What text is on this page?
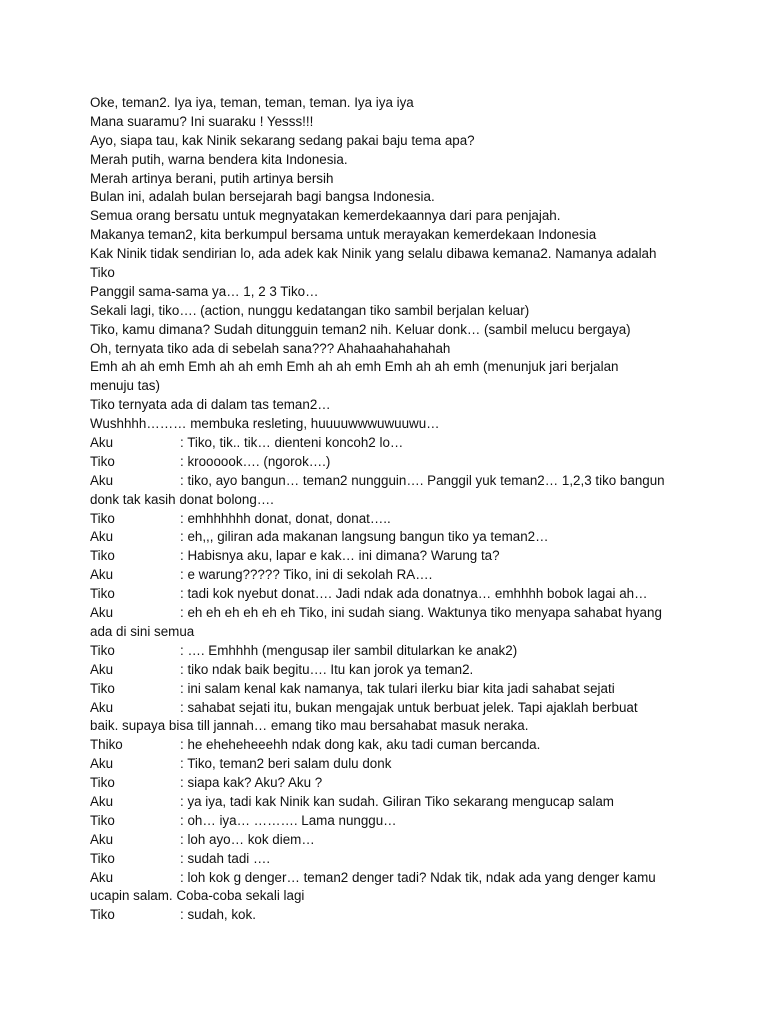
Oke, teman2. Iya iya, teman, teman, teman. Iya iya iya
Mana suaramu? Ini suaraku ! Yesss!!!
Ayo, siapa tau, kak Ninik sekarang sedang pakai baju tema apa?
Merah putih, warna bendera kita Indonesia.
Merah artinya berani, putih artinya bersih
Bulan ini, adalah bulan bersejarah bagi bangsa Indonesia.
Semua orang bersatu untuk megnyatakan kemerdekaannya dari para penjajah.
Makanya teman2, kita berkumpul bersama untuk merayakan kemerdekaan Indonesia
Kak Ninik tidak sendirian lo, ada adek kak Ninik yang selalu dibawa kemana2. Namanya adalah
Tiko
Panggil sama-sama ya… 1, 2 3 Tiko…
Sekali lagi, tiko…. (action, nunggu kedatangan tiko sambil berjalan keluar)
Tiko, kamu dimana? Sudah ditungguin teman2 nih. Keluar donk… (sambil melucu bergaya)
Oh, ternyata tiko ada di sebelah sana??? Ahahaahahahahah
Emh ah ah emh Emh ah ah emh Emh ah ah emh Emh ah ah emh (menunjuk jari berjalan
menuju tas)
Tiko ternyata ada di dalam tas teman2…
Wushhhh……… membuka resleting, huuuuwwwuwuuwu…
Aku	: Tiko, tik.. tik… dienteni koncoh2 lo…
Tiko	: kroooook…. (ngorok….)
Aku	: tiko, ayo bangun… teman2 nungguin…. Panggil yuk teman2… 1,2,3 tiko bangun
donk tak kasih donat bolong….
Tiko	: emhhhhhh donat, donat, donat…..
Aku	: eh,,, giliran ada makanan langsung bangun tiko ya teman2…
Tiko	: Habisnya aku, lapar e kak… ini dimana? Warung ta?
Aku	: e warung????? Tiko, ini di sekolah RA….
Tiko	: tadi kok nyebut donat…. Jadi ndak ada donatnya… emhhhh bobok lagai ah…
Aku	: eh eh eh eh eh eh Tiko, ini sudah siang. Waktunya tiko menyapa sahabat hyang
ada di sini semua
Tiko	: …. Emhhhh (mengusap iler sambil ditularkan ke anak2)
Aku	: tiko ndak baik begitu…. Itu kan jorok ya teman2.
Tiko	: ini salam kenal kak namanya, tak tulari ilerku biar kita jadi sahabat sejati
Aku	: sahabat sejati itu, bukan mengajak untuk berbuat jelek. Tapi ajaklah berbuat
baik. supaya bisa till jannah… emang tiko mau bersahabat masuk neraka.
Thiko	: he eheheheeehh ndak dong kak, aku tadi cuman bercanda.
Aku	: Tiko, teman2 beri salam dulu donk
Tiko	: siapa kak? Aku? Aku ?
Aku	: ya iya, tadi kak Ninik kan sudah. Giliran Tiko sekarang mengucap salam
Tiko	: oh… iya… ………. Lama nunggu…
Aku	: loh ayo… kok diem…
Tiko	: sudah tadi ….
Aku	: loh kok g denger… teman2 denger tadi? Ndak tik, ndak ada yang denger kamu
ucapin salam. Coba-coba sekali lagi
Tiko	: sudah, kok.
